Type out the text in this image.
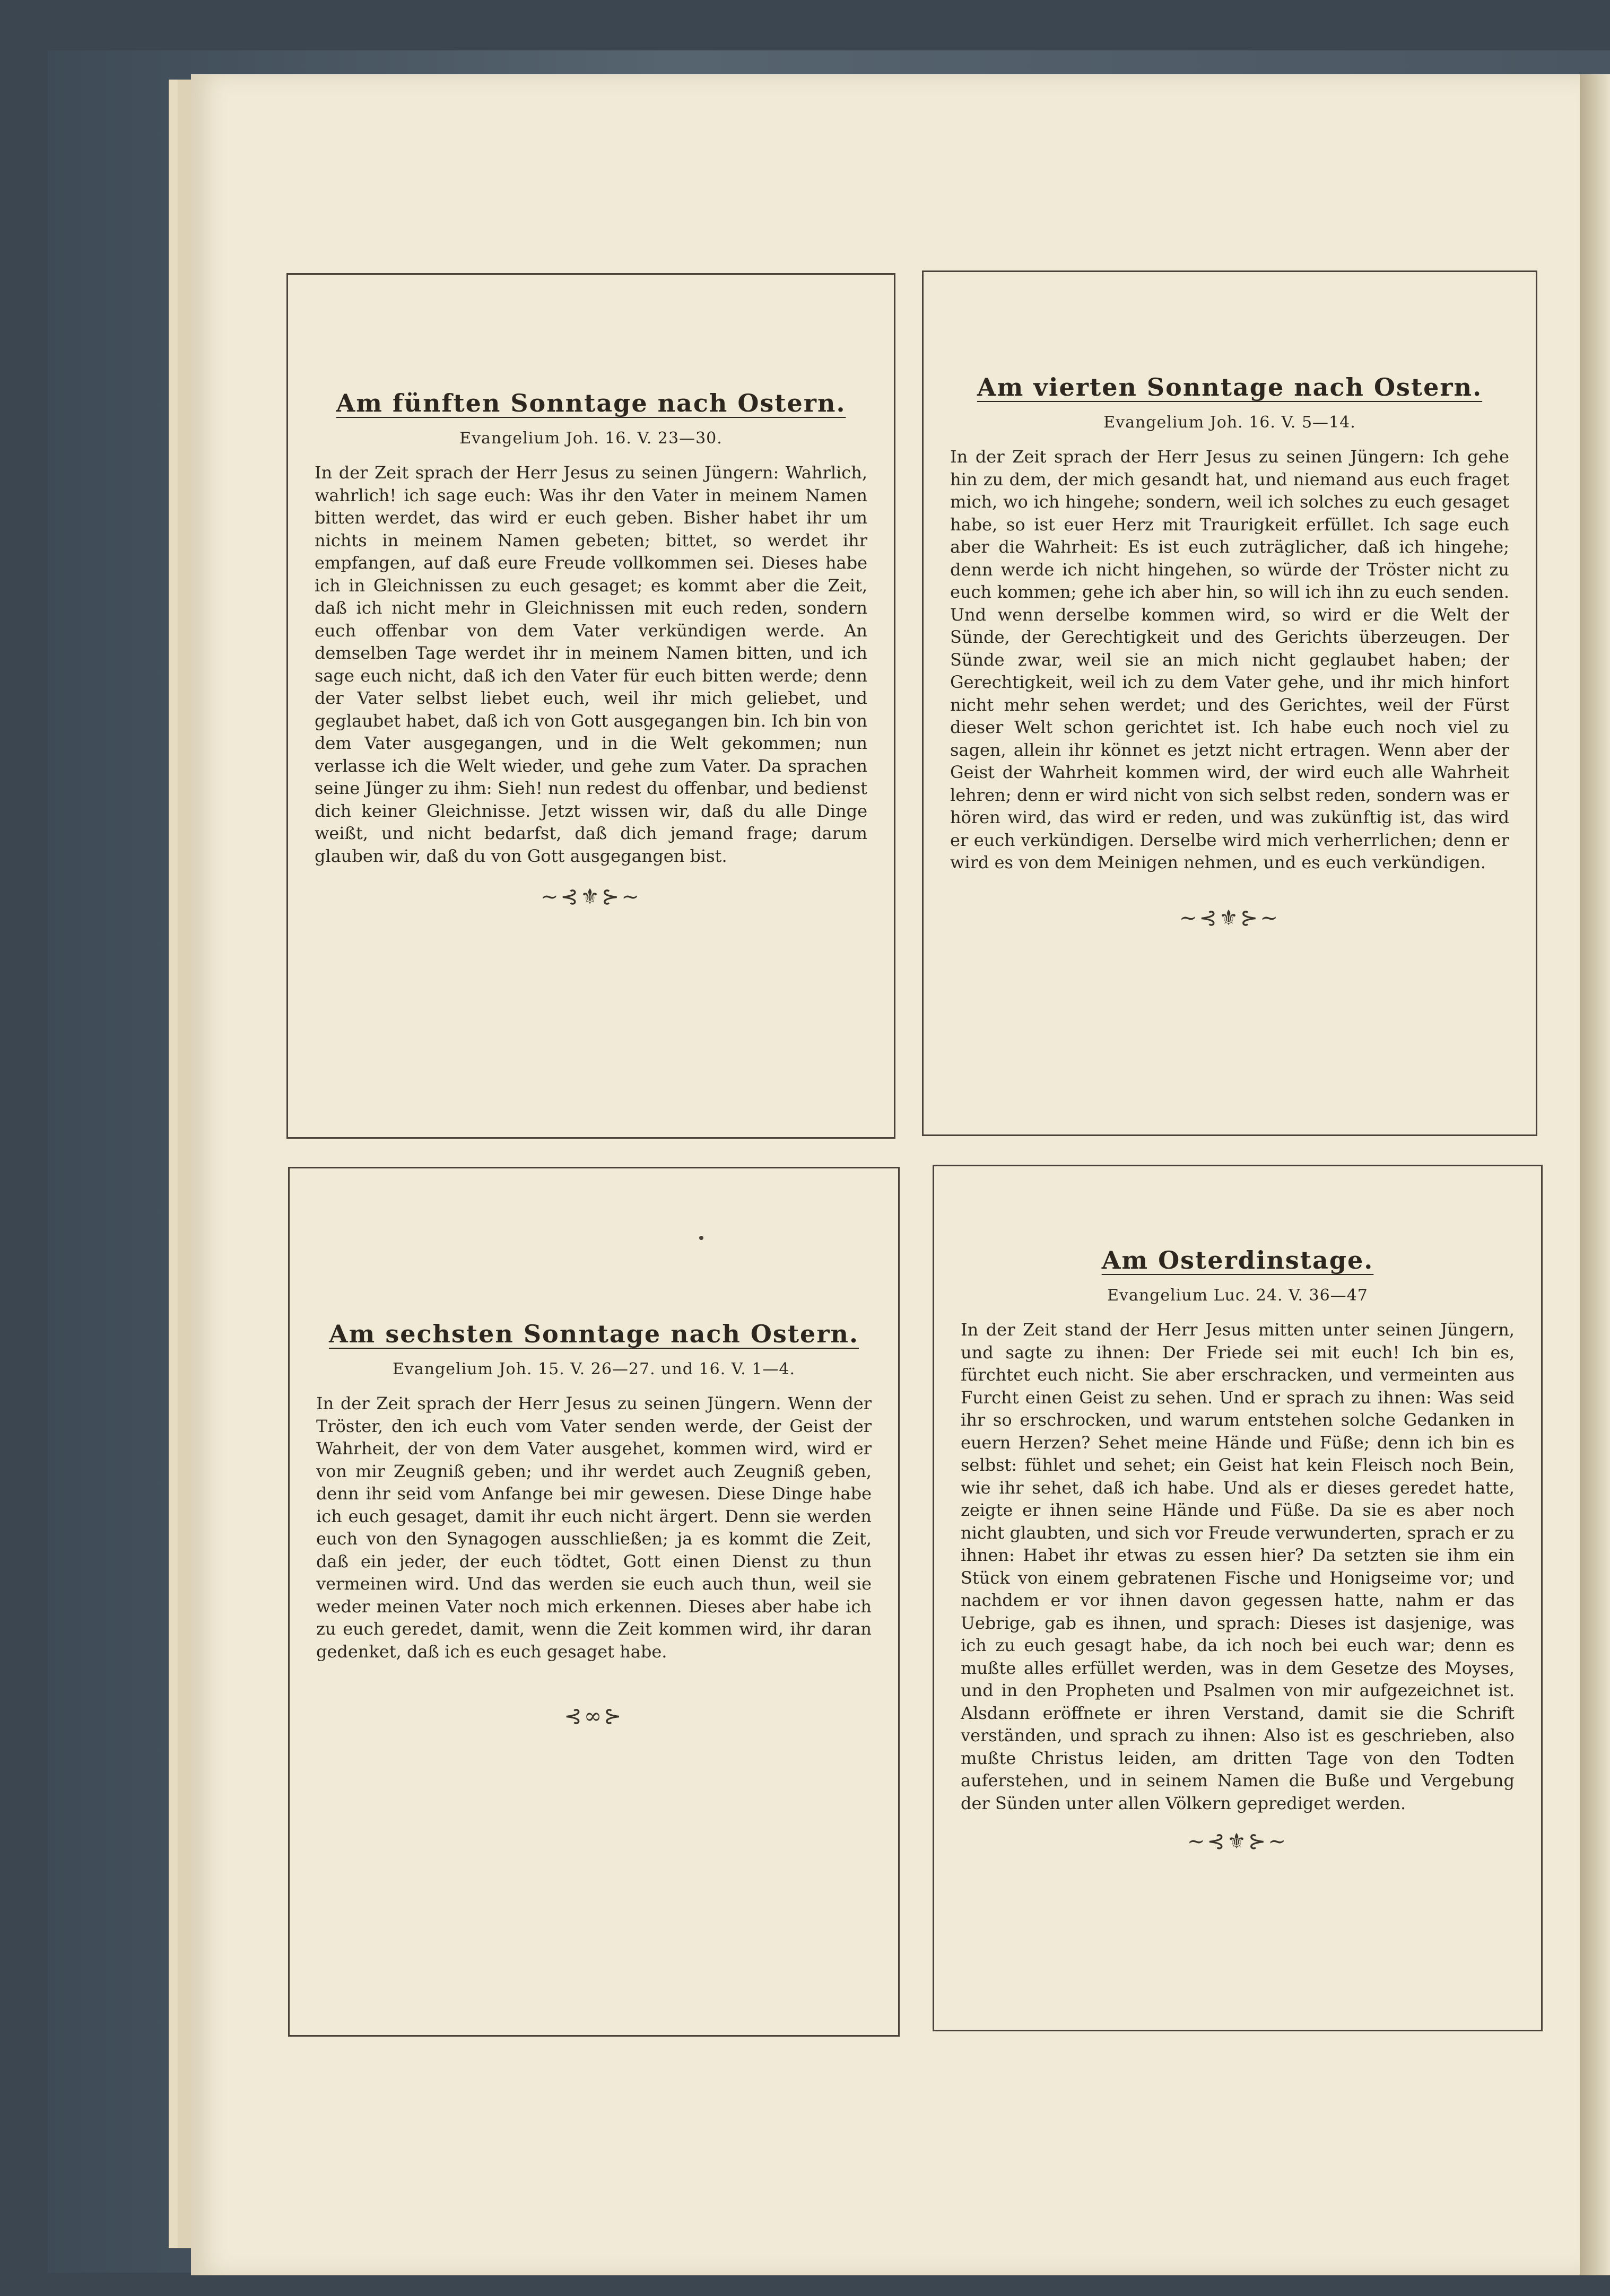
Am fünften Sonntage nach Ostern.

Evangelium Joh. 16. V. 23—30.

In der Zeit sprach der Herr Jesus zu seinen Jüngern: Wahrlich, wahrlich! ich sage euch: Was ihr den Vater in meinem Namen bitten werdet, das wird er euch geben. Bisher habet ihr um nichts in meinem Namen gebeten; bittet, so werdet ihr empfangen, auf daß eure Freude vollkommen sei. Dieses habe ich in Gleichnissen zu euch gesaget; es kommt aber die Zeit, daß ich nicht mehr in Gleichnissen mit euch reden, sondern euch offenbar von dem Vater verkündigen werde. An demselben Tage werdet ihr in meinem Namen bitten, und ich sage euch nicht, daß ich den Vater für euch bitten werde; denn der Vater selbst liebet euch, weil ihr mich geliebet, und geglaubet habet, daß ich von Gott ausgegangen bin. Ich bin von dem Vater ausgegangen, und in die Welt gekommen; nun verlasse ich die Welt wieder, und gehe zum Vater. Da sprachen seine Jünger zu ihm: Sieh! nun redest du offenbar, und bedienst dich keiner Gleichnisse. Jetzt wissen wir, daß du alle Dinge weißt, und nicht bedarfst, daß dich jemand frage; darum glauben wir, daß du von Gott ausgegangen bist.

~⊰⚜⊱~

Am vierten Sonntage nach Ostern.

Evangelium Joh. 16. V. 5—14.

In der Zeit sprach der Herr Jesus zu seinen Jüngern: Ich gehe hin zu dem, der mich gesandt hat, und niemand aus euch fraget mich, wo ich hingehe; sondern, weil ich solches zu euch gesaget habe, so ist euer Herz mit Traurigkeit erfüllet. Ich sage euch aber die Wahrheit: Es ist euch zuträglicher, daß ich hingehe; denn werde ich nicht hingehen, so würde der Tröster nicht zu euch kommen; gehe ich aber hin, so will ich ihn zu euch senden. Und wenn derselbe kommen wird, so wird er die Welt der Sünde, der Gerechtigkeit und des Gerichts überzeugen. Der Sünde zwar, weil sie an mich nicht geglaubet haben; der Gerechtigkeit, weil ich zu dem Vater gehe, und ihr mich hinfort nicht mehr sehen werdet; und des Gerichtes, weil der Fürst dieser Welt schon gerichtet ist. Ich habe euch noch viel zu sagen, allein ihr könnet es jetzt nicht ertragen. Wenn aber der Geist der Wahrheit kommen wird, der wird euch alle Wahrheit lehren; denn er wird nicht von sich selbst reden, sondern was er hören wird, das wird er reden, und was zukünftig ist, das wird er euch verkündigen. Derselbe wird mich verherrlichen; denn er wird es von dem Meinigen nehmen, und es euch verkündigen.

~⊰⚜⊱~

Am sechsten Sonntage nach Ostern.

Evangelium Joh. 15. V. 26—27. und 16. V. 1—4.

In der Zeit sprach der Herr Jesus zu seinen Jüngern. Wenn der Tröster, den ich euch vom Vater senden werde, der Geist der Wahrheit, der von dem Vater ausgehet, kommen wird, wird er von mir Zeugniß geben; und ihr werdet auch Zeugniß geben, denn ihr seid vom Anfange bei mir gewesen. Diese Dinge habe ich euch gesaget, damit ihr euch nicht ärgert. Denn sie werden euch von den Synagogen ausschließen; ja es kommt die Zeit, daß ein jeder, der euch tödtet, Gott einen Dienst zu thun vermeinen wird. Und das werden sie euch auch thun, weil sie weder meinen Vater noch mich erkennen. Dieses aber habe ich zu euch geredet, damit, wenn die Zeit kommen wird, ihr daran gedenket, daß ich es euch gesaget habe.

⊰∞⊱

Am Osterdinstage.

Evangelium Luc. 24. V. 36—47

In der Zeit stand der Herr Jesus mitten unter seinen Jüngern, und sagte zu ihnen: Der Friede sei mit euch! Ich bin es, fürchtet euch nicht. Sie aber erschracken, und vermeinten aus Furcht einen Geist zu sehen. Und er sprach zu ihnen: Was seid ihr so erschrocken, und warum entstehen solche Gedanken in euern Herzen? Sehet meine Hände und Füße; denn ich bin es selbst: fühlet und sehet; ein Geist hat kein Fleisch noch Bein, wie ihr sehet, daß ich habe. Und als er dieses geredet hatte, zeigte er ihnen seine Hände und Füße. Da sie es aber noch nicht glaubten, und sich vor Freude verwunderten, sprach er zu ihnen: Habet ihr etwas zu essen hier? Da setzten sie ihm ein Stück von einem gebratenen Fische und Honigseime vor; und nachdem er vor ihnen davon gegessen hatte, nahm er das Uebrige, gab es ihnen, und sprach: Dieses ist dasjenige, was ich zu euch gesagt habe, da ich noch bei euch war; denn es mußte alles erfüllet werden, was in dem Gesetze des Moyses, und in den Propheten und Psalmen von mir aufgezeichnet ist. Alsdann eröffnete er ihren Verstand, damit sie die Schrift verständen, und sprach zu ihnen: Also ist es geschrieben, also mußte Christus leiden, am dritten Tage von den Todten auferstehen, und in seinem Namen die Buße und Vergebung der Sünden unter allen Völkern geprediget werden.

~⊰⚜⊱~
